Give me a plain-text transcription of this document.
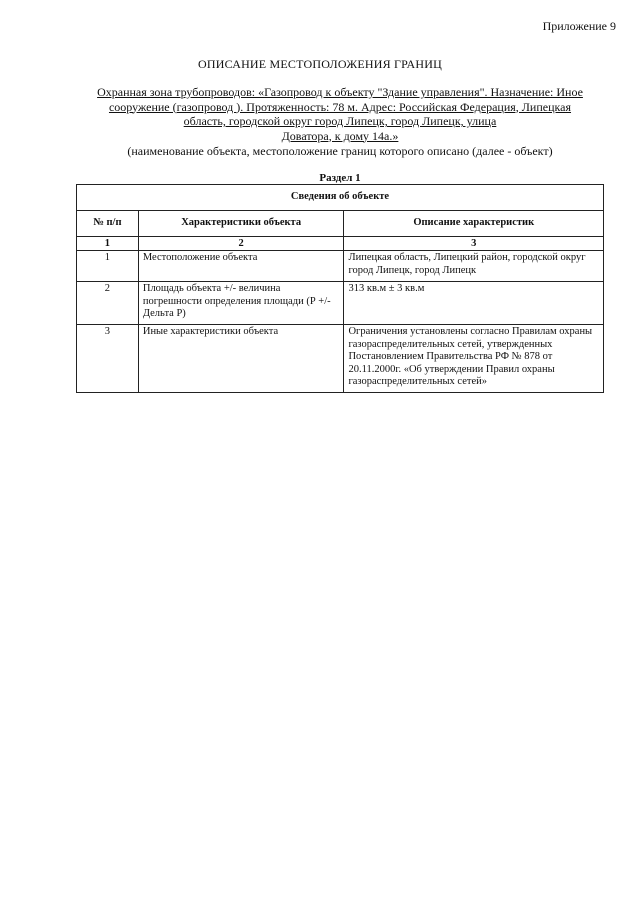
Приложение 9
ОПИСАНИЕ МЕСТОПОЛОЖЕНИЯ ГРАНИЦ
Охранная зона трубопроводов: «Газопровод к объекту "Здание управления". Назначение: Иное
сооружение (газопровод ). Протяженность: 78 м. Адрес: Российская Федерация, Липецкая
область, городской округ город Липецк, город Липецк, улица
Доватора, к дому 14а.»
(наименование объекта, местоположение границ которого описано (далее - объект)
Раздел 1
Сведения об объекте		
№ п/п	Характеристики объекта	Описание характеристик
1	2	3
1	Местоположение объекта	Липецкая область, Липецкий район, городской округ город Липецк, город Липецк
2	Площадь объекта +/- величина погрешности определения площади (Р +/- Дельта Р)	313 кв.м ± 3 кв.м
3	Иные характеристики объекта	Ограничения установлены согласно Правилам охраны газораспределительных сетей, утвержденных Постановлением Правительства РФ № 878 от 20.11.2000г. «Об утверждении Правил охраны газораспределительных сетей»
